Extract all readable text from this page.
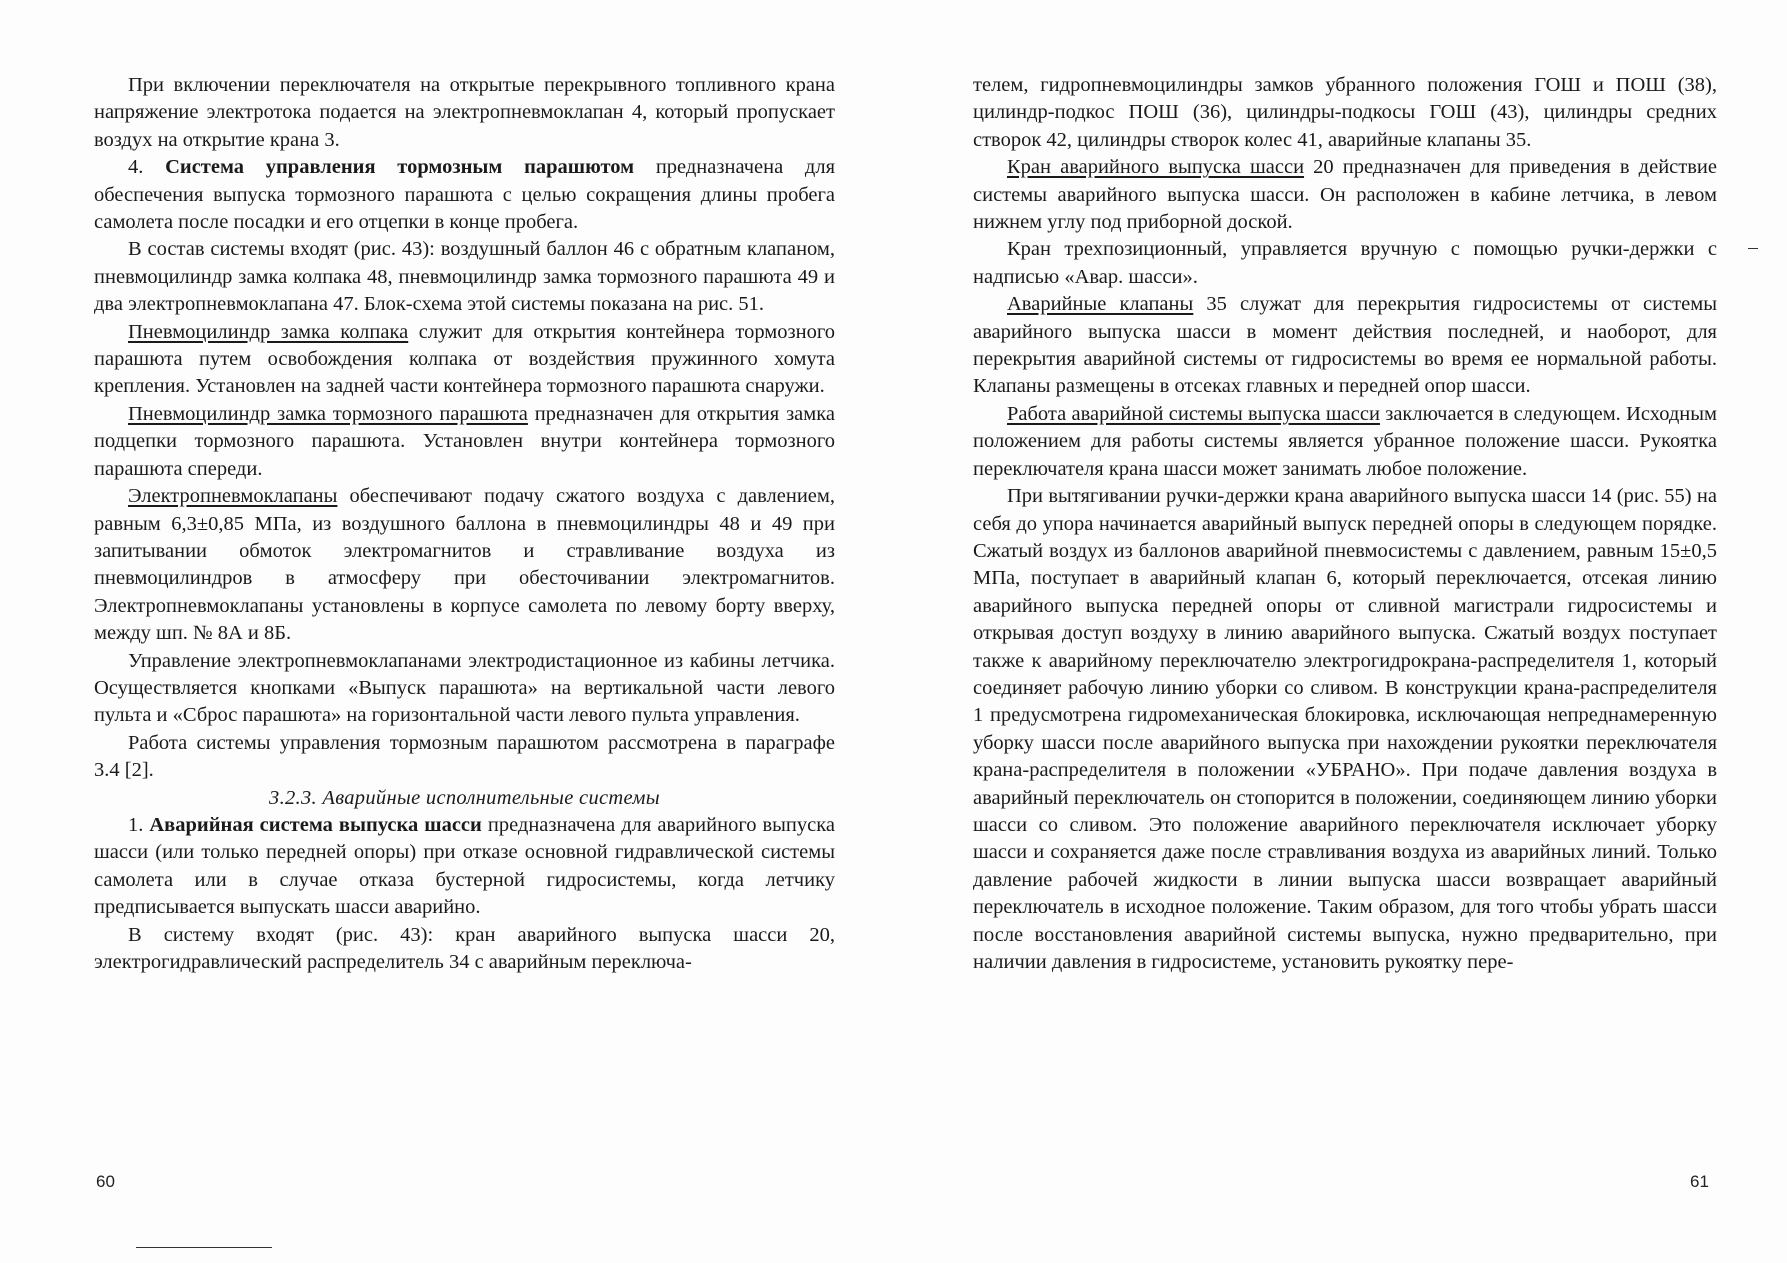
При включении переключателя на открытые перекрывного топливного крана напряжение электротока подается на электропневмоклапан 4, который пропускает воздух на открытие крана 3.

4. Система управления тормозным парашютом предназначена для обеспечения выпуска тормозного парашюта с целью сокращения длины пробега самолета после посадки и его отцепки в конце пробега.

В состав системы входят (рис. 43): воздушный баллон 46 с обратным клапаном, пневмоцилиндр замка колпака 48, пневмоцилиндр замка тормозного парашюта 49 и два электропневмоклапана 47. Блок-схема этой системы показана на рис. 51.

Пневмоцилиндр замка колпака служит для открытия контейнера тормозного парашюта путем освобождения колпака от воздействия пружинного хомута крепления. Установлен на задней части контейнера тормозного парашюта снаружи.

Пневмоцилиндр замка тормозного парашюта предназначен для открытия замка подцепки тормозного парашюта. Установлен внутри контейнера тормозного парашюта спереди.

Электропневмоклапаны обеспечивают подачу сжатого воздуха с давлением, равным 6,3±0,85 МПа, из воздушного баллона в пневмоцилиндры 48 и 49 при запитывании обмоток электромагнитов и стравливание воздуха из пневмоцилиндров в атмосферу при обесточивании электромагнитов. Электропневмоклапаны установлены в корпусе самолета по левому борту вверху, между шп. № 8А и 8Б.

Управление электропневмоклапанами электродистационное из кабины летчика. Осуществляется кнопками «Выпуск парашюта» на вертикальной части левого пульта и «Сброс парашюта» на горизонтальной части левого пульта управления.

Работа системы управления тормозным парашютом рассмотрена в параграфе 3.4 [2].

3.2.3. Аварийные исполнительные системы

1. Аварийная система выпуска шасси предназначена для аварийного выпуска шасси (или только передней опоры) при отказе основной гидравлической системы самолета или в случае отказа бустерной гидросистемы, когда летчику предписывается выпускать шасси аварийно.

В систему входят (рис. 43): кран аварийного выпуска шасси 20, электрогидравлический распределитель 34 с аварийным переключа-

60

телем, гидропневмоцилиндры замков убранного положения ГОШ и ПОШ (38), цилиндр-подкос ПОШ (36), цилиндры-подкосы ГОШ (43), цилиндры средних створок 42, цилиндры створок колес 41, аварийные клапаны 35.

Кран аварийного выпуска шасси 20 предназначен для приведения в действие системы аварийного выпуска шасси. Он расположен в кабине летчика, в левом нижнем углу под приборной доской.

Кран трехпозиционный, управляется вручную с помощью ручки-держки с надписью «Авар. шасси».

Аварийные клапаны 35 служат для перекрытия гидросистемы от системы аварийного выпуска шасси в момент действия последней, и наоборот, для перекрытия аварийной системы от гидросистемы во время ее нормальной работы. Клапаны размещены в отсеках главных и передней опор шасси.

Работа аварийной системы выпуска шасси заключается в следующем. Исходным положением для работы системы является убранное положение шасси. Рукоятка переключателя крана шасси может занимать любое положение.

При вытягивании ручки-держки крана аварийного выпуска шасси 14 (рис. 55) на себя до упора начинается аварийный выпуск передней опоры в следующем порядке. Сжатый воздух из баллонов аварийной пневмосистемы с давлением, равным 15±0,5 МПа, поступает в аварийный клапан 6, который переключается, отсекая линию аварийного выпуска передней опоры от сливной магистрали гидросистемы и открывая доступ воздуху в линию аварийного выпуска. Сжатый воздух поступает также к аварийному переключателю электрогидрокрана-распределителя 1, который соединяет рабочую линию уборки со сливом. В конструкции крана-распределителя 1 предусмотрена гидромеханическая блокировка, исключающая непреднамеренную уборку шасси после аварийного выпуска при нахождении рукоятки переключателя крана-распределителя в положении «УБРАНО». При подаче давления воздуха в аварийный переключатель он стопорится в положении, соединяющем линию уборки шасси со сливом. Это положение аварийного переключателя исключает уборку шасси и сохраняется даже после стравливания воздуха из аварийных линий. Только давление рабочей жидкости в линии выпуска шасси возвращает аварийный переключатель в исходное положение. Таким образом, для того чтобы убрать шасси после восстановления аварийной системы выпуска, нужно предварительно, при наличии давления в гидросистеме, установить рукоятку пере-

61
